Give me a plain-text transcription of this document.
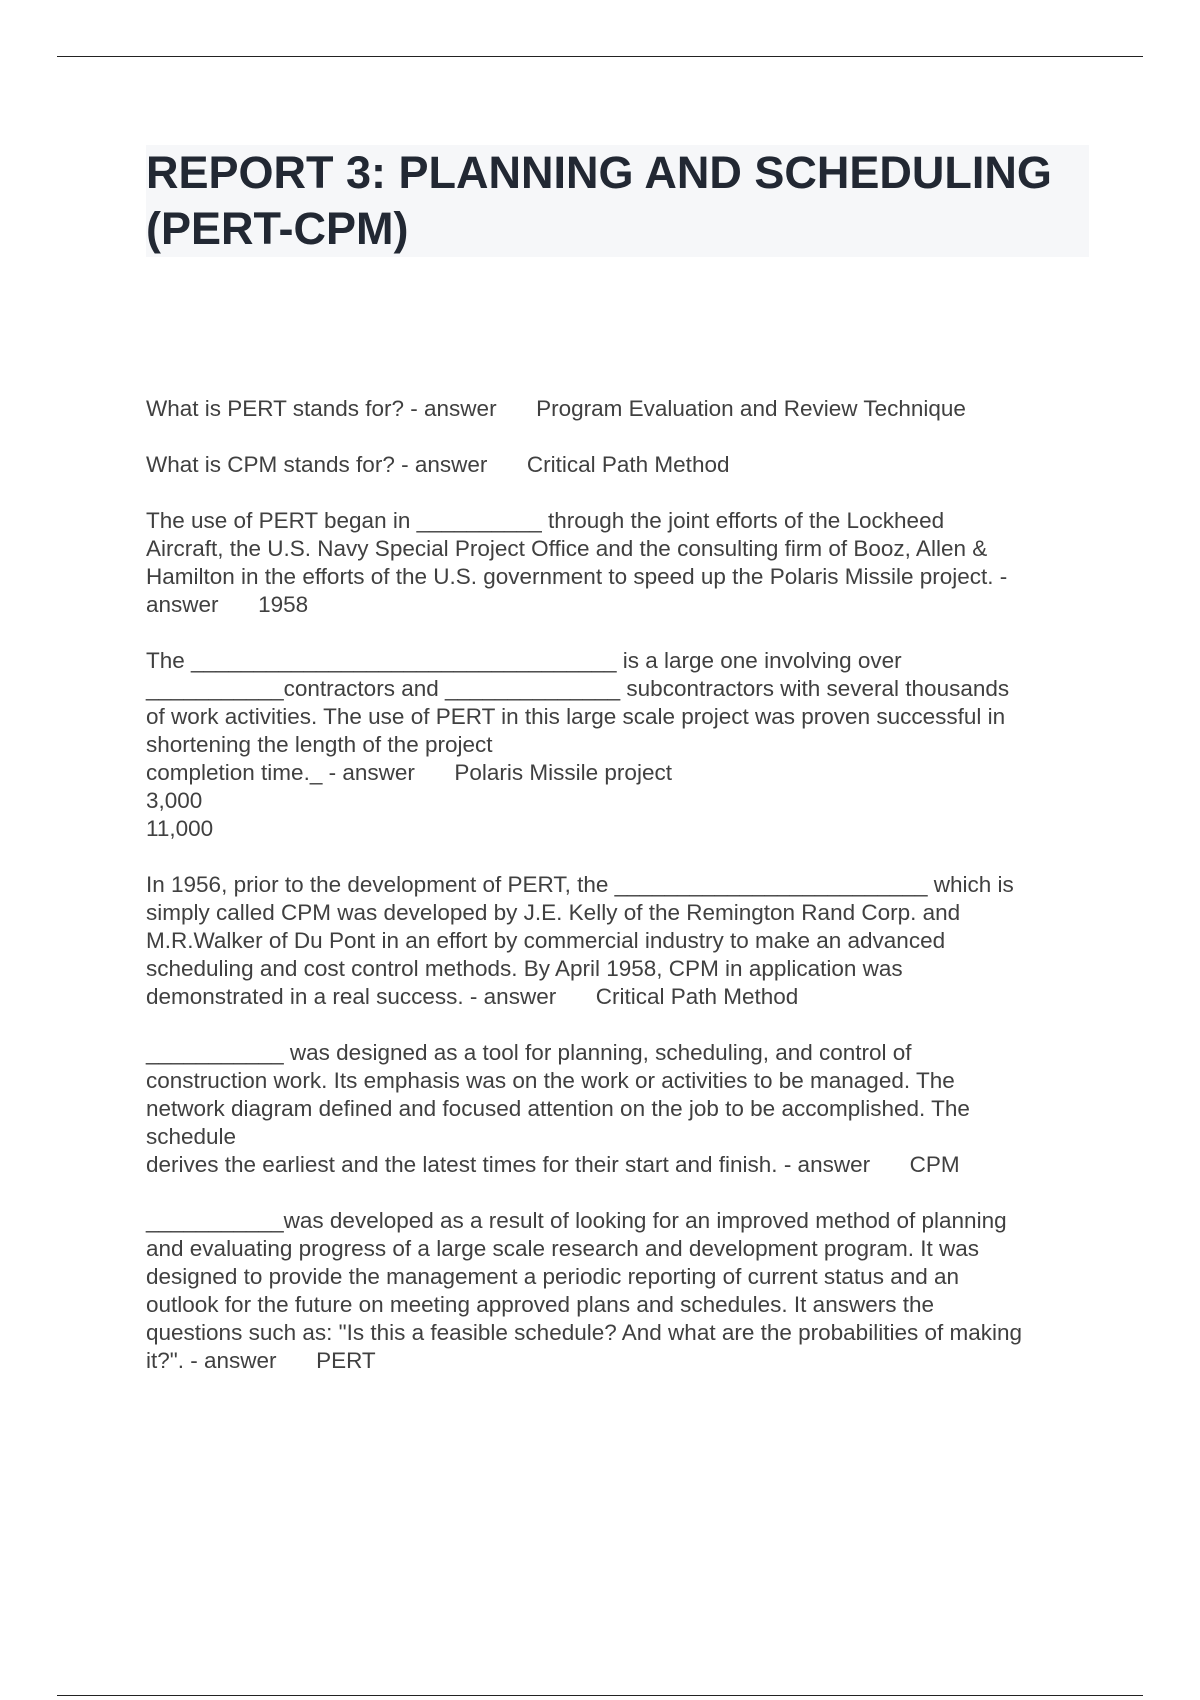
REPORT 3: PLANNING AND SCHEDULING (PERT-CPM)

What is PERT stands for? - answer      Program Evaluation and Review Technique

What is CPM stands for? - answer      Critical Path Method

The use of PERT began in __________ through the joint efforts of the Lockheed
Aircraft, the U.S. Navy Special Project Office and the consulting firm of Booz, Allen &
Hamilton in the efforts of the U.S. government to speed up the Polaris Missile project. -
answer 1958

The __________________________________ is a large one involving over
___________contractors and ______________ subcontractors with several thousands
of work activities. The use of PERT in this large scale project was proven successful in
shortening the length of the project
completion time._ - answer      Polaris Missile project
3,000
11,000

In 1956, prior to the development of PERT, the _________________________ which is
simply called CPM was developed by J.E. Kelly of the Remington Rand Corp. and
M.R.Walker of Du Pont in an effort by commercial industry to make an advanced
scheduling and cost control methods. By April 1958, CPM in application was
demonstrated in a real success. - answer      Critical Path Method

___________ was designed as a tool for planning, scheduling, and control of
construction work. Its emphasis was on the work or activities to be managed. The
network diagram defined and focused attention on the job to be accomplished. The
schedule
derives the earliest and the latest times for their start and finish. - answer      CPM

___________was developed as a result of looking for an improved method of planning
and evaluating progress of a large scale research and development program. It was
designed to provide the management a periodic reporting of current status and an
outlook for the future on meeting approved plans and schedules. It answers the
questions such as: "Is this a feasible schedule? And what are the probabilities of making
it?". - answer      PERT
